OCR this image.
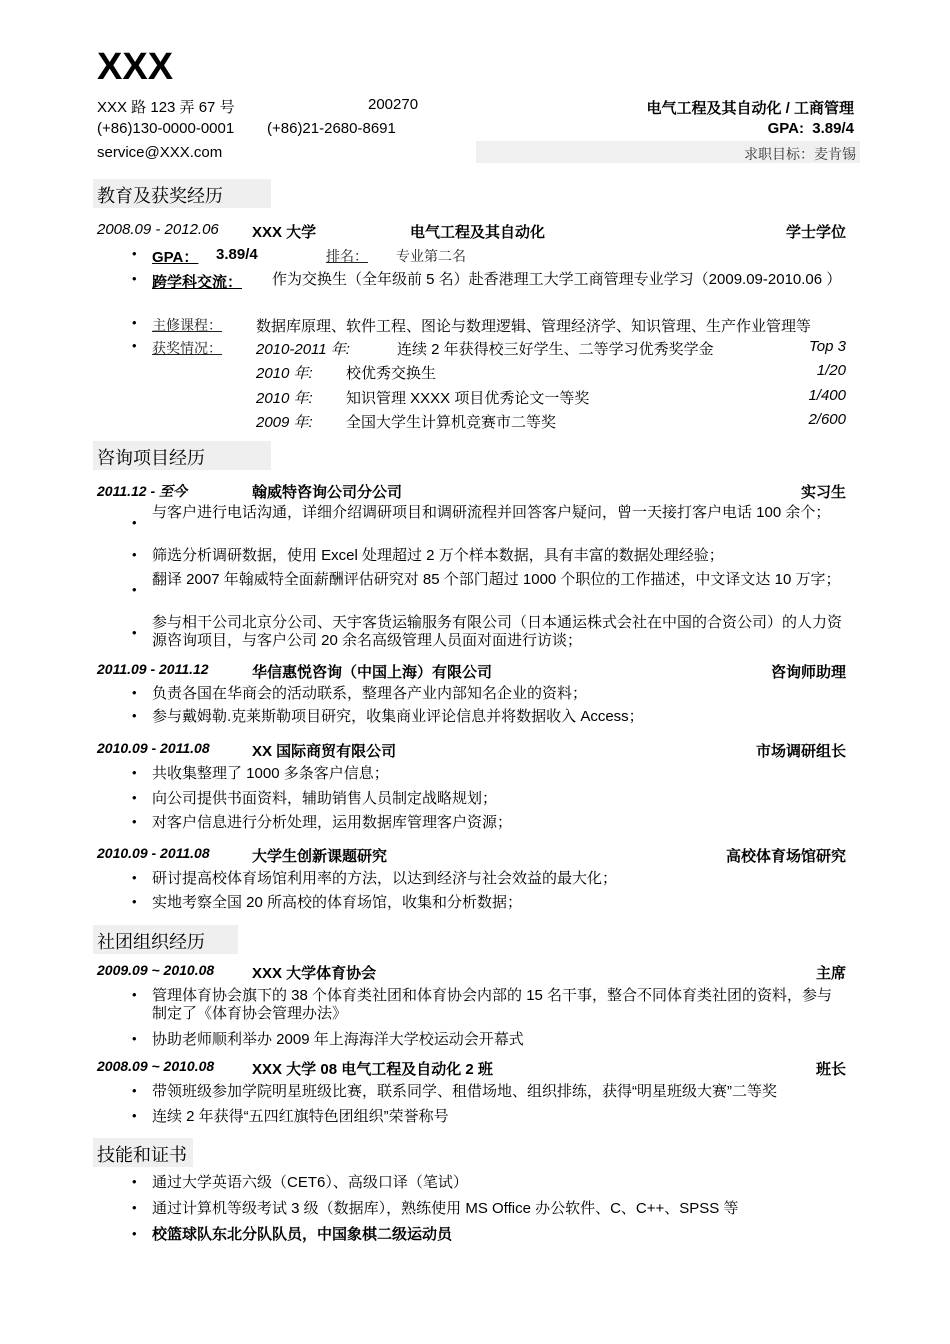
XXX
XXX 路 123 弄 67 号	200270	电气工程及其自动化 / 工商管理
(+86)130-0000-0001 (+86)21-2680-8691	GPA:  3.89/4
service@XXX.com	求职目标：麦肯锡
教育及获奖经历
2008.09 - 2012.06 XXX 大学	电气工程及其自动化	学士学位
• GPA： 3.89/4	排名： 专业第二名
• 跨学科交流： 作为交换生（全年级前 5 名）赴香港理工大学工商管理专业学习（2009.09-2010.06 ）
• 主修课程： 数据库原理、软件工程、图论与数理逻辑、管理经济学、知识管理、生产作业管理等
• 获奖情况： 2010-2011 年:	连续 2 年获得校三好学生、二等学习优秀奖学金	Top 3
2010 年: 校优秀交换生	1/20
2010 年: 知识管理 XXXX 项目优秀论文一等奖	1/400
2009 年: 全国大学生计算机竞赛市二等奖	2/600
咨询项目经历
2011.12 - 至今	翰威特咨询公司分公司	实习生
•
与客户进行电话沟通，详细介绍调研项目和调研流程并回答客户疑问，曾一天接打客户电话 100 余个；
• 筛选分析调研数据，使用 Excel 处理超过 2 万个样本数据，具有丰富的数据处理经验；
•
翻译 2007 年翰威特全面薪酬评估研究对 85 个部门超过 1000 个职位的工作描述，中文译文达 10 万字；
•
参与相干公司北京分公司、天宇客货运输服务有限公司（日本通运株式会社在中国的合资公司）的人力资源咨询项目，与客户公司 20 余名高级管理人员面对面进行访谈；
2011.09 - 2011.12	华信惠悦咨询（中国上海）有限公司	咨询师助理
• 负责各国在华商会的活动联系，整理各产业内部知名企业的资料；
• 参与戴姆勒.克莱斯勒项目研究，收集商业评论信息并将数据收入 Access；
2010.09 - 2011.08	XX 国际商贸有限公司	市场调研组长
• 共收集整理了 1000 多条客户信息；
• 向公司提供书面资料，辅助销售人员制定战略规划；
• 对客户信息进行分析处理，运用数据库管理客户资源；
2010.09 - 2011.08	大学生创新课题研究	高校体育场馆研究
• 研讨提高校体育场馆利用率的方法，以达到经济与社会效益的最大化；
• 实地考察全国 20 所高校的体育场馆，收集和分析数据；
社团组织经历
2009.09 ~ 2010.08	XXX 大学体育协会	主席
• 管理体育协会旗下的 38 个体育类社团和体育协会内部的 15 名干事，整合不同体育类社团的资料，参与制定了《体育协会管理办法》
• 协助老师顺利举办 2009 年上海海洋大学校运动会开幕式
2008.09 ~ 2010.08	XXX 大学 08 电气工程及自动化 2 班	班长
• 带领班级参加学院明星班级比赛，联系同学、租借场地、组织排练，获得“明星班级大赛”二等奖
• 连续 2 年获得“五四红旗特色团组织”荣誉称号
技能和证书
• 通过大学英语六级（CET6）、高级口译（笔试）
• 通过计算机等级考试 3 级（数据库），熟练使用 MS Office 办公软件、C、C++、SPSS 等
• 校篮球队东北分队队员，中国象棋二级运动员
